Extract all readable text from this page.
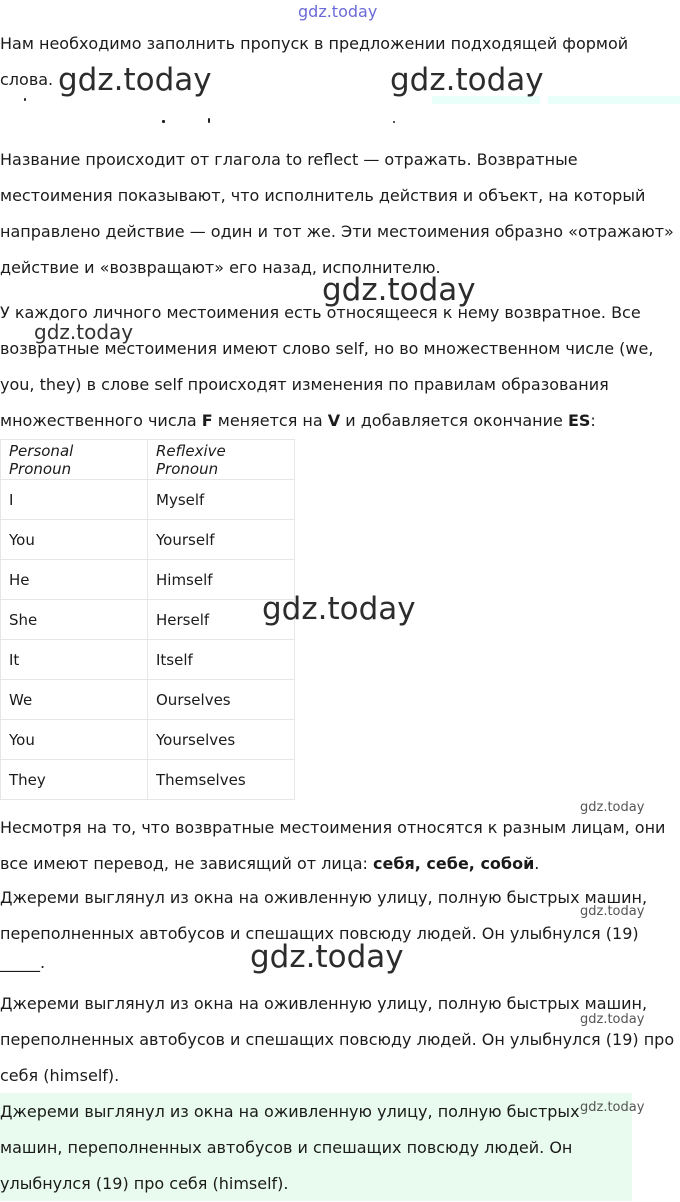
gdz.today
Нам необходимо заполнить пропуск в предложении подходящей формой
слова.
Название происходит от глагола to reflect — отражать. Возвратные
местоимения показывают, что исполнитель действия и объект, на который
направлено действие — один и тот же. Эти местоимения образно «отражают»
действие и «возвращают» его назад, исполнителю.
У каждого личного местоимения есть относящееся к нему возвратное. Все
возвратные местоимения имеют слово self, но во множественном числе (we,
you, they) в слове self происходят изменения по правилам образования
множественного числа F меняется на V и добавляется окончание ES:
Personal Pronoun	Reflexive Pronoun
I	Myself
You	Yourself
He	Himself
She	Herself
It	Itself
We	Ourselves
You	Yourselves
They	Themselves
Несмотря на то, что возвратные местоимения относятся к разным лицам, они
все имеют перевод, не зависящий от лица: себя, себе, собой.
Джереми выглянул из окна на оживленную улицу, полную быстрых машин,
переполненных автобусов и спешащих повсюду людей. Он улыбнулся (19)
_____.
Джереми выглянул из окна на оживленную улицу, полную быстрых машин,
переполненных автобусов и спешащих повсюду людей. Он улыбнулся (19) про
себя (himself).
Джереми выглянул из окна на оживленную улицу, полную быстрых
машин, переполненных автобусов и спешащих повсюду людей. Он
улыбнулся (19) про себя (himself).
gdz.today	gdz.today
gdz.today
gdz.today
gdz.today
gdz.today
gdz.today
gdz.today
gdz.today
gdz.today
